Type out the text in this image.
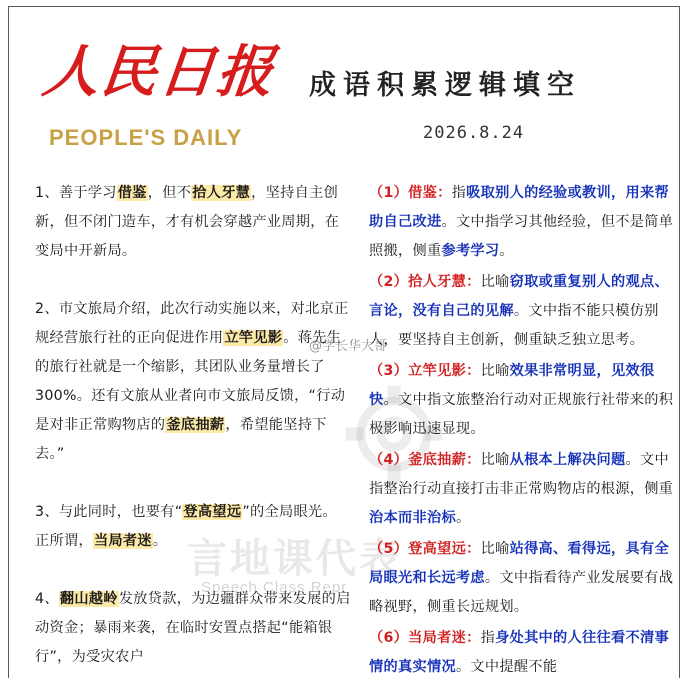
人民日报
PEOPLE'S DAILY
成语积累逻辑填空
2026.8.24
@学长华大哥
言地课代表
Speech Class Repr

1、善于学习借鉴，但不拾人牙慧，坚持自主创新，但不闭门造车，才有机会穿越产业周期，在变局中开新局。

2、市文旅局介绍，此次行动实施以来，对北京正规经营旅行社的正向促进作用立竿见影。蒋先生的旅行社就是一个缩影，其团队业务量增长了300%。还有文旅从业者向市文旅局反馈，“行动是对非正常购物店的釜底抽薪，希望能坚持下去。”

3、与此同时，也要有“登高望远”的全局眼光。正所谓，当局者迷。

4、翻山越岭发放贷款，为边疆群众带来发展的启动资金；暴雨来袭，在临时安置点搭起“能箱银行”，为受灾农户

（1）借鉴：指吸取别人的经验或教训，用来帮助自己改进。文中指学习其他经验，但不是简单照搬，侧重参考学习。

（2）拾人牙慧：比喻窃取或重复别人的观点、言论，没有自己的见解。文中指不能只模仿别人，要坚持自主创新，侧重缺乏独立思考。

（3）立竿见影：比喻效果非常明显，见效很快。文中指文旅整治行动对正规旅行社带来的积极影响迅速显现。

（4）釜底抽薪：比喻从根本上解决问题。文中指整治行动直接打击非正常购物店的根源，侧重治本而非治标。

（5）登高望远：比喻站得高、看得远，具有全局眼光和长远考虑。文中指看待产业发展要有战略视野，侧重长远规划。

（6）当局者迷：指身处其中的人往往看不清事情的真实情况。文中提醒不能
